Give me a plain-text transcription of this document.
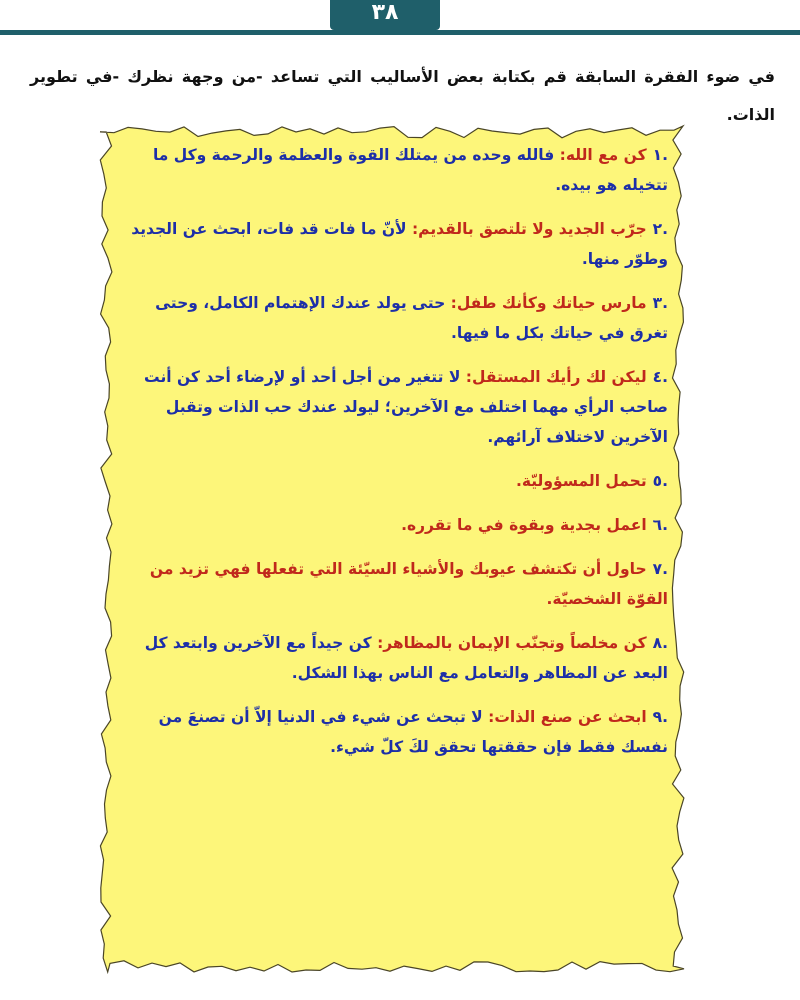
٣٨
في ضوء الفقرة السابقة قم بكتابة بعض الأساليب التي تساعد -من وجهة نظرك -في تطوير الذات.
.١كن مع الله: فالله وحده من يمتلك القوة والعظمة والرحمة وكل ما تتخيله هو بيده.
.٢جرّب الجديد ولا تلتصق بالقديم: لأنّ ما فات قد فات، ابحث عن الجديد وطوّر منها.
.٣مارس حياتك وكأنك طفل: حتى يولد عندك الإهتمام الكامل، وحتى تغرق في حياتك بكل ما فيها.
.٤ليكن لك رأيك المستقل: لا تتغير من أجل أحد أو لإرضاء أحد كن أنت صاحب الرأي مهما اختلف مع الآخرين؛ ليولد عندك حب الذات وتقبل الآخرين لاختلاف آرائهم.
.٥تحمل المسؤوليّة.
.٦اعمل بجدية وبقوة في ما تقرره.
.٧حاول أن تكتشف عيوبك والأشياء السيّئة التي تفعلها فهي تزيد من القوّة الشخصيّة.
.٨كن مخلصاً وتجنّب الإيمان بالمظاهر: كن جيداً مع الآخرين وابتعد كل البعد عن المظاهر والتعامل مع الناس بهذا الشكل.
.٩ابحث عن صنع الذات: لا تبحث عن شيء في الدنيا إلاّ أن تصنعَ من نفسك فقط فإن حققتها تحقق لكَ كلّ شيء.
